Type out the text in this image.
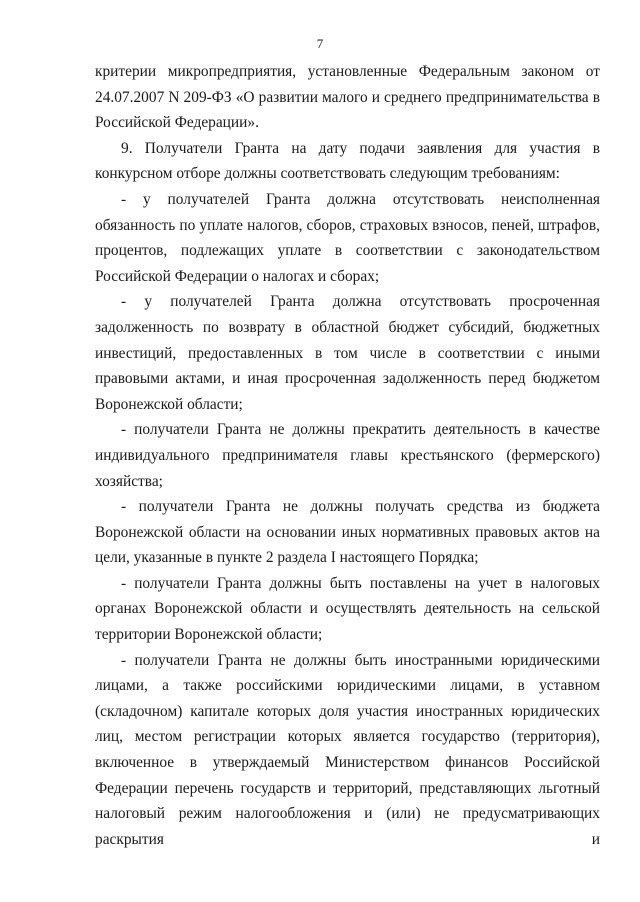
7

критерии микропредприятия, установленные Федеральным законом от 24.07.2007 N 209-ФЗ «О развитии малого и среднего предпринимательства в Российской Федерации».

9. Получатели Гранта на дату подачи заявления для участия в конкурсном отборе должны соответствовать следующим требованиям:

- у получателей Гранта должна отсутствовать неисполненная обязанность по уплате налогов, сборов, страховых взносов, пеней, штрафов, процентов, подлежащих уплате в соответствии с законодательством Российской Федерации о налогах и сборах;

- у получателей Гранта должна отсутствовать просроченная задолженность по возврату в областной бюджет субсидий, бюджетных инвестиций, предоставленных в том числе в соответствии с иными правовыми актами, и иная просроченная задолженность перед бюджетом Воронежской области;

- получатели Гранта не должны прекратить деятельность в качестве индивидуального предпринимателя главы крестьянского (фермерского) хозяйства;

- получатели Гранта не должны получать средства из бюджета Воронежской области на основании иных нормативных правовых актов на цели, указанные в пункте 2 раздела I настоящего Порядка;

- получатели Гранта должны быть поставлены на учет в налоговых органах Воронежской области и осуществлять деятельность на сельской территории Воронежской области;

- получатели Гранта не должны быть иностранными юридическими лицами, а также российскими юридическими лицами, в уставном (складочном) капитале которых доля участия иностранных юридических лиц, местом регистрации которых является государство (территория), включенное в утверждаемый Министерством финансов Российской Федерации перечень государств и территорий, представляющих льготный налоговый режим налогообложения и (или) не предусматривающих раскрытия и
